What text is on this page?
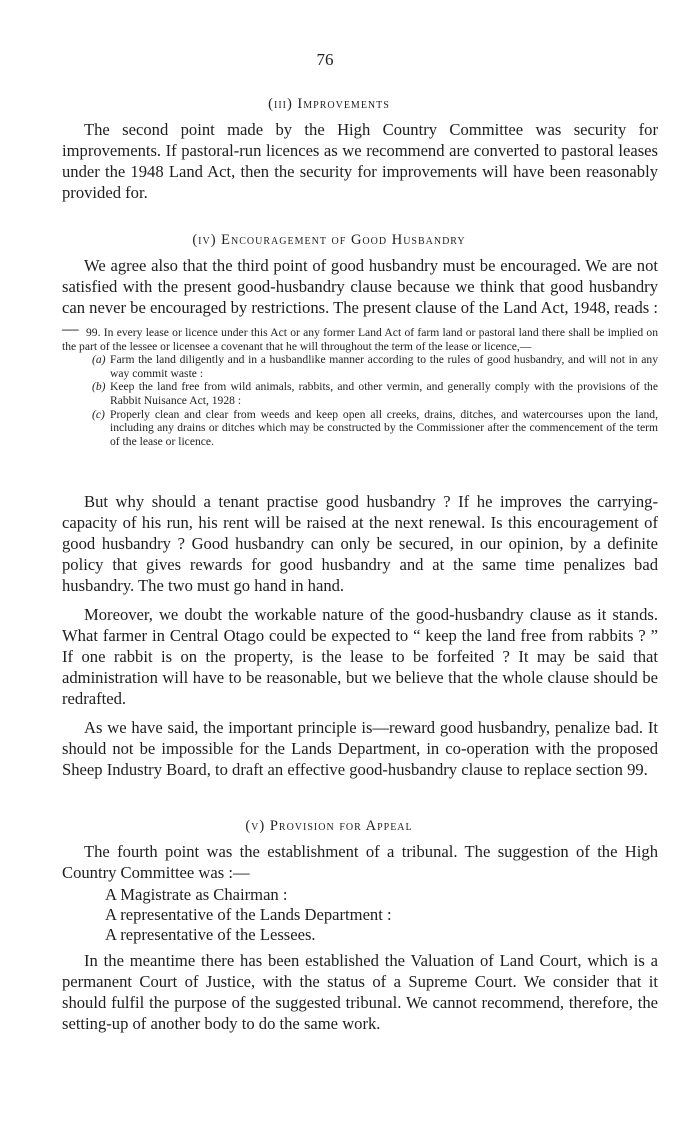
76
(iii) Improvements

The second point made by the High Country Committee was security for improvements. If pastoral-run licences as we recommend are converted to pastoral leases under the 1948 Land Act, then the security for improvements will have been reasonably provided for.

(iv) Encouragement of Good Husbandry

We agree also that the third point of good husbandry must be encouraged. We are not satisfied with the present good-husbandry clause because we think that good husbandry can never be encouraged by restrictions. The present clause of the Land Act, 1948, reads :— 99. In every lease or licence under this Act or any former Land Act of farm land or pastoral land there shall be implied on the part of the lessee or licensee a covenant that he will throughout the term of the lease or licence,—

(a) Farm the land diligently and in a husbandlike manner according to the rules of good husbandry, and will not in any way commit waste :
(b) Keep the land free from wild animals, rabbits, and other vermin, and generally comply with the provisions of the Rabbit Nuisance Act, 1928 :
(c) Properly clean and clear from weeds and keep open all creeks, drains, ditches, and watercourses upon the land, including any drains or ditches which may be constructed by the Commissioner after the commencement of the term of the lease or licence.

But why should a tenant practise good husbandry ? If he improves the carrying-capacity of his run, his rent will be raised at the next renewal. Is this encouragement of good husbandry ? Good husbandry can only be secured, in our opinion, by a definite policy that gives rewards for good husbandry and at the same time penalizes bad husbandry. The two must go hand in hand.

Moreover, we doubt the workable nature of the good-husbandry clause as it stands. What farmer in Central Otago could be expected to “ keep the land free from rabbits ? ” If one rabbit is on the property, is the lease to be forfeited ? It may be said that administration will have to be reasonable, but we believe that the whole clause should be redrafted.

As we have said, the important principle is—reward good husbandry, penalize bad. It should not be impossible for the Lands Department, in co-operation with the proposed Sheep Industry Board, to draft an effective good-husbandry clause to replace section 99.

(v) Provision for Appeal

The fourth point was the establishment of a tribunal. The suggestion of the High Country Committee was :—

A Magistrate as Chairman :
A representative of the Lands Department :
A representative of the Lessees.

In the meantime there has been established the Valuation of Land Court, which is a permanent Court of Justice, with the status of a Supreme Court. We consider that it should fulfil the purpose of the suggested tribunal. We cannot recommend, therefore, the setting-up of another body to do the same work.
